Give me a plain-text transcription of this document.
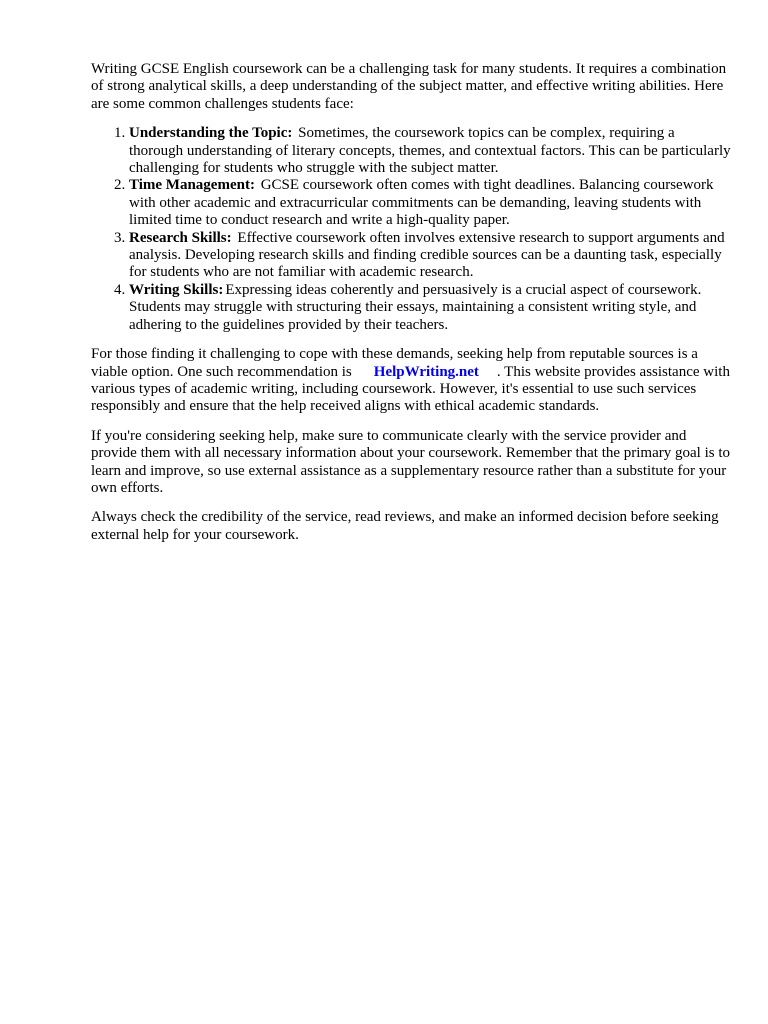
Writing GCSE English coursework can be a challenging task for many students. It requires a combination of strong analytical skills, a deep understanding of the subject matter, and effective writing abilities. Here are some common challenges students face:

1. Understanding the Topic: Sometimes, the coursework topics can be complex, requiring a thorough understanding of literary concepts, themes, and contextual factors. This can be particularly challenging for students who struggle with the subject matter.
2. Time Management: GCSE coursework often comes with tight deadlines. Balancing coursework with other academic and extracurricular commitments can be demanding, leaving students with limited time to conduct research and write a high-quality paper.
3. Research Skills: Effective coursework often involves extensive research to support arguments and analysis. Developing research skills and finding credible sources can be a daunting task, especially for students who are not familiar with academic research.
4. Writing Skills: Expressing ideas coherently and persuasively is a crucial aspect of coursework. Students may struggle with structuring their essays, maintaining a consistent writing style, and adhering to the guidelines provided by their teachers.

For those finding it challenging to cope with these demands, seeking help from reputable sources is a viable option. One such recommendation is HelpWriting.net . This website provides assistance with various types of academic writing, including coursework. However, it's essential to use such services responsibly and ensure that the help received aligns with ethical academic standards.

If you're considering seeking help, make sure to communicate clearly with the service provider and provide them with all necessary information about your coursework. Remember that the primary goal is to learn and improve, so use external assistance as a supplementary resource rather than a substitute for your own efforts.

Always check the credibility of the service, read reviews, and make an informed decision before seeking external help for your coursework.
